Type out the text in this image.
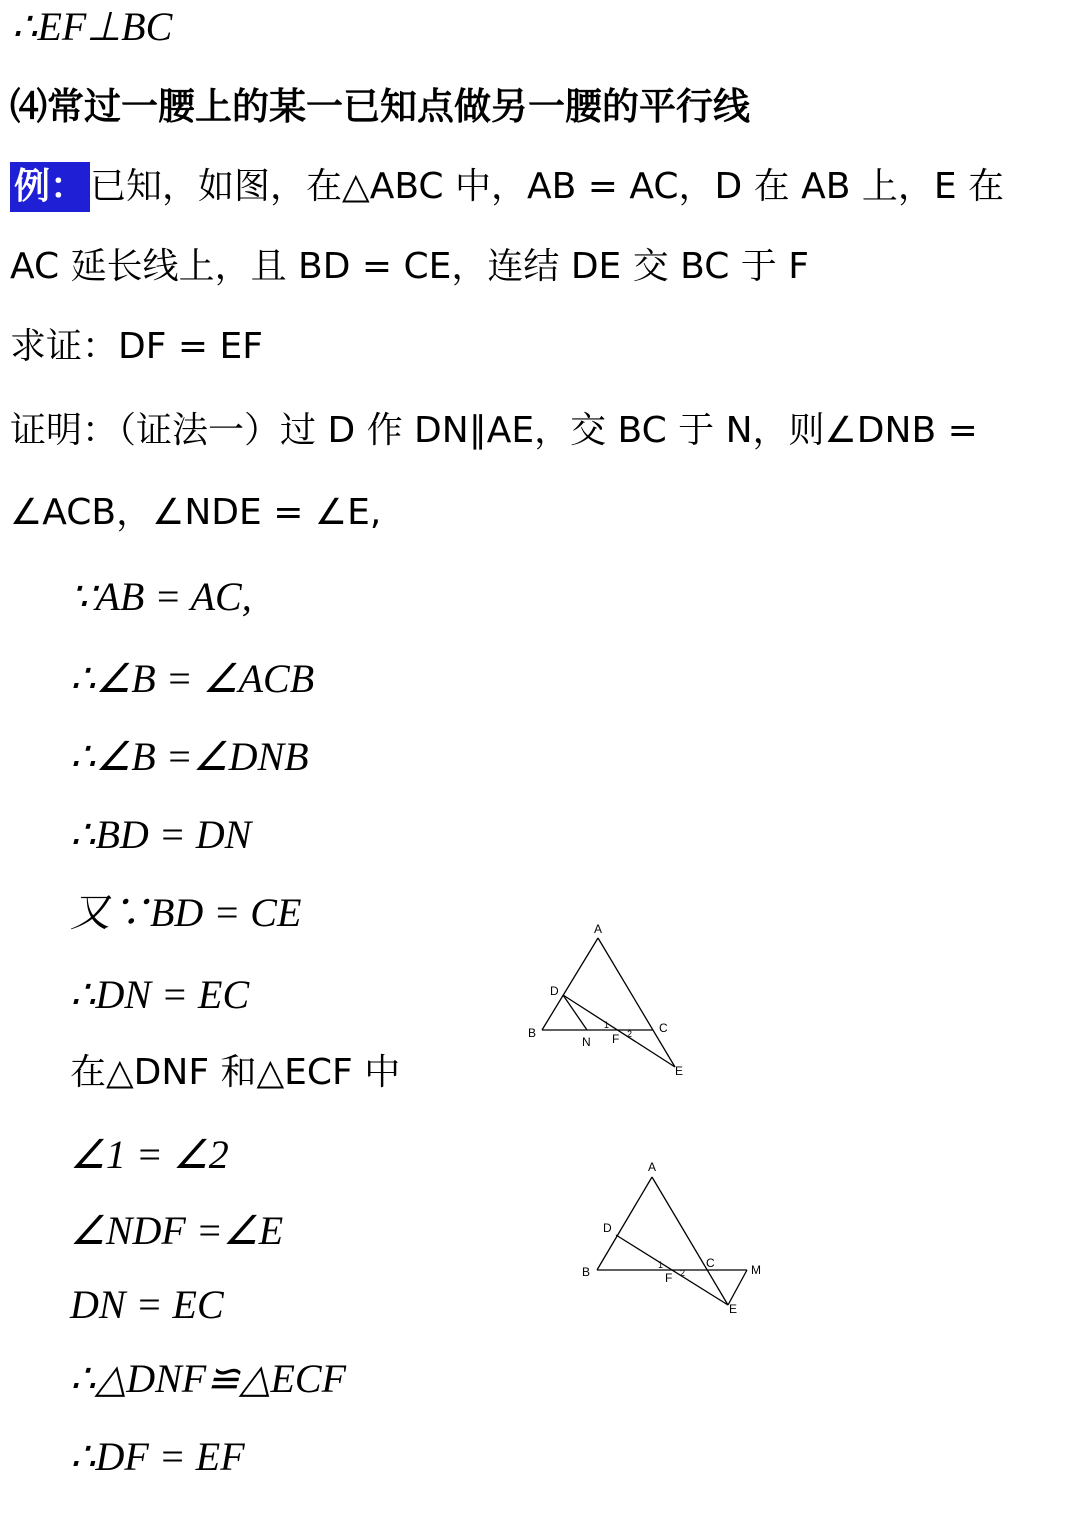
∴EF⊥BC
⑷常过一腰上的某一已知点做另一腰的平行线
例： 已知，如图，在△ABC 中，AB = AC，D 在 AB 上，E 在
AC 延长线上，且 BD = CE，连结 DE 交 BC 于 F
求证：DF = EF
证明：（证法一）过 D 作 DN∥AE，交 BC 于 N，则∠DNB =
∠ACB，∠NDE = ∠E,
∵AB = AC,
∴∠B = ∠ACB
∴∠B =∠DNB
∴BD = DN
又∵BD = CE
∴DN = EC
在△DNF 和△ECF 中
∠1 = ∠2
∠NDF =∠E
DN = EC
∴△DNF≌△ECF
∴DF = EF
A
D
B
N F
C
E
1
2
A
D
B	F
C	M
E
1
2
